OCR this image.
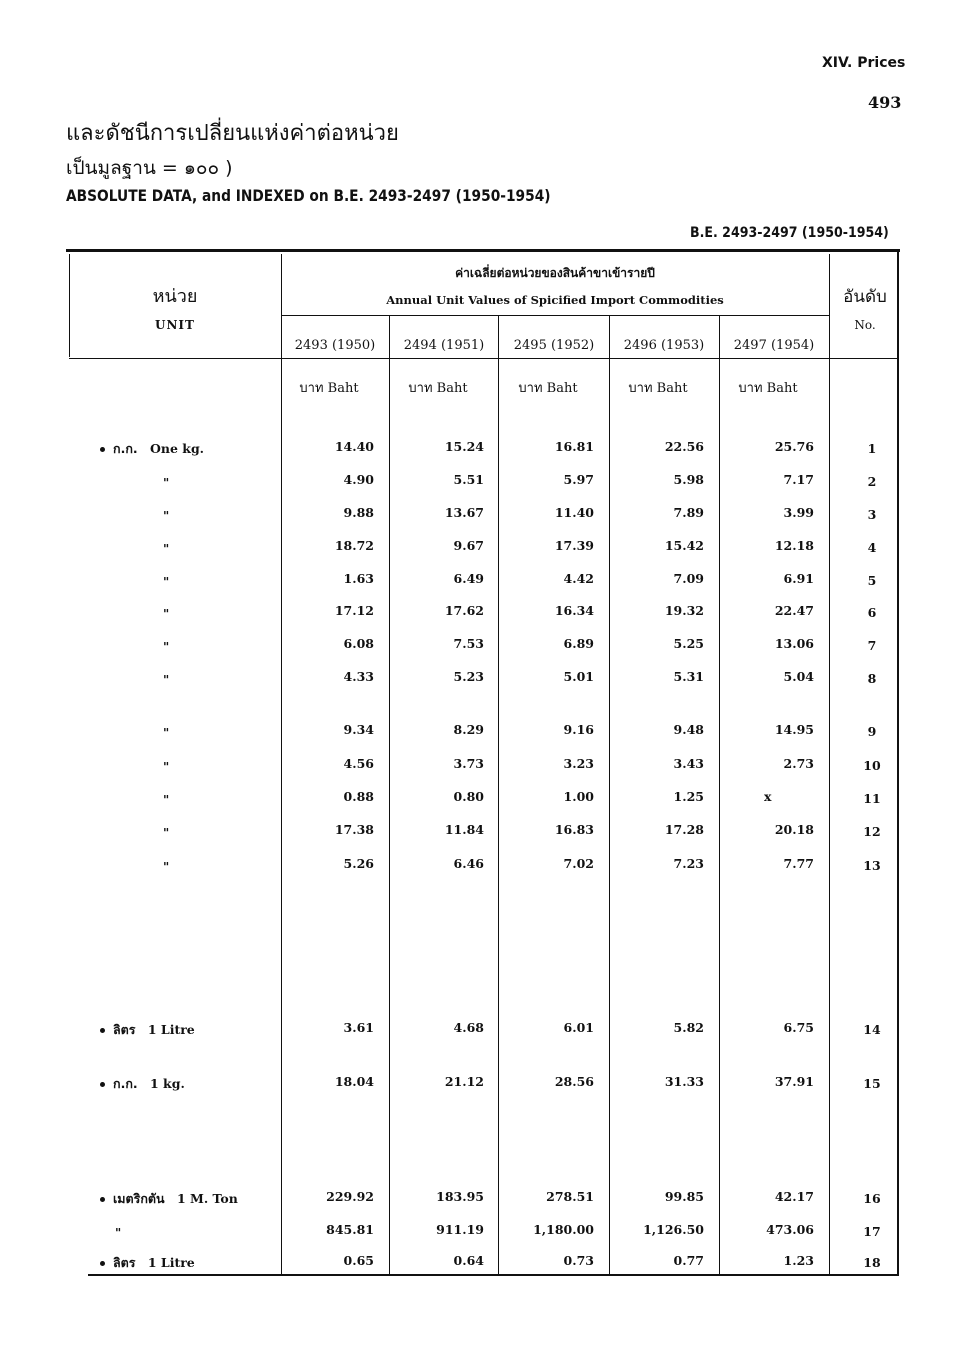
XIV. Prices
493
และดัชนีการเปลี่ยนแห่งค่าต่อหน่วย
เป็นมูลฐาน = ๑๐๐ )
ABSOLUTE DATA, and INDEXED on B.E. 2493-2497 (1950-1954)
B.E. 2493-2497 (1950-1954)
หน่วย
UNIT
ค่าเฉลี่ยต่อหน่วยของสินค้าขาเข้ารายปี
Annual Unit Values of Spicified Import Commodities	อันดับ
No.
2493 (1950)	2494 (1951)	2495 (1952)	2496 (1953)	2497 (1954)
บาท Baht	บาท Baht	บาท Baht	บาท Baht	บาท Baht
ก.ก. One kg.	14.40	15.24	16.81	22.56	25.76	1
"	4.90	5.51	5.97	5.98	7.17	2
"	9.88	13.67	11.40	7.89	3.99	3
"	18.72	9.67	17.39	15.42	12.18	4
"	1.63	6.49	4.42	7.09	6.91	5
"	17.12	17.62	16.34	19.32	22.47	6
"	6.08	7.53	6.89	5.25	13.06	7
"	4.33	5.23	5.01	5.31	5.04	8
"	9.34	8.29	9.16	9.48	14.95	9
"	4.56	3.73	3.23	3.43	2.73	10
"	0.88	0.80	1.00	1.25	x	11
"	17.38	11.84	16.83	17.28	20.18	12
"	5.26	6.46	7.02	7.23	7.77	13
ลิตร 1 Litre	3.61	4.68	6.01	5.82	6.75	14
ก.ก. 1 kg.	18.04	21.12	28.56	31.33	37.91	15
เมตริกตัน 1 M. Ton	229.92	183.95	278.51	99.85	42.17	16
"	845.81	911.19	1,180.00	1,126.50	473.06	17
ลิตร 1 Litre	0.65	0.64	0.73	0.77	1.23	18
